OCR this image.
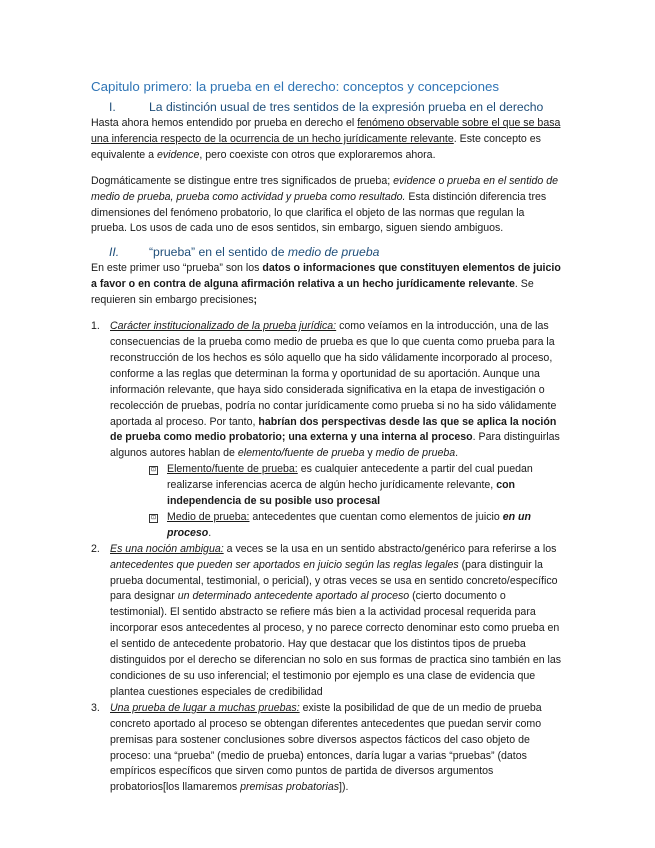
Capitulo primero: la prueba en el derecho: conceptos y concepciones
I.	La distinción usual de tres sentidos de la expresión prueba en el derecho

Hasta ahora hemos entendido por prueba en derecho el fenómeno observable sobre el que se basa una inferencia respecto de la ocurrencia de un hecho jurídicamente relevante. Este concepto es equivalente a evidence, pero coexiste con otros que exploraremos ahora.

Dogmáticamente se distingue entre tres significados de prueba; evidence o prueba en el sentido de medio de prueba, prueba como actividad y prueba como resultado. Esta distinción diferencia tres dimensiones del fenómeno probatorio, lo que clarifica el objeto de las normas que regulan la prueba. Los usos de cada uno de esos sentidos, sin embargo, siguen siendo ambiguos.

II.	“prueba” en el sentido de medio de prueba

En este primer uso “prueba” son los datos o informaciones que constituyen elementos de juicio a favor o en contra de alguna afirmación relativa a un hecho jurídicamente relevante. Se requieren sin embargo precisiones;

1. Carácter institucionalizado de la prueba jurídica: como veíamos en la introducción, una de las consecuencias de la prueba como medio de prueba es que lo que cuenta como prueba para la reconstrucción de los hechos es sólo aquello que ha sido válidamente incorporado al proceso, conforme a las reglas que determinan la forma y oportunidad de su aportación. Aunque una información relevante, que haya sido considerada significativa en la etapa de investigación o recolección de pruebas, podría no contar jurídicamente como prueba si no ha sido válidamente aportada al proceso. Por tanto, habrían dos perspectivas desde las que se aplica la noción de prueba como medio probatorio; una externa y una interna al proceso. Para distinguirlas algunos autores hablan de elemento/fuente de prueba y medio de prueba.
⊡ Elemento/fuente de prueba: es cualquier antecedente a partir del cual puedan realizarse inferencias acerca de algún hecho jurídicamente relevante, con independencia de su posible uso procesal
⊡ Medio de prueba: antecedentes que cuentan como elementos de juicio en un proceso.
2. Es una noción ambigua: a veces se la usa en un sentido abstracto/genérico para referirse a los antecedentes que pueden ser aportados en juicio según las reglas legales (para distinguir la prueba documental, testimonial, o pericial), y otras veces se usa en sentido concreto/específico para designar un determinado antecedente aportado al proceso (cierto documento o testimonial). El sentido abstracto se refiere más bien a la actividad procesal requerida para incorporar esos antecedentes al proceso, y no parece correcto denominar esto como prueba en el sentido de antecedente probatorio. Hay que destacar que los distintos tipos de prueba distinguidos por el derecho se diferencian no solo en sus formas de practica sino también en las condiciones de su uso inferencial; el testimonio por ejemplo es una clase de evidencia que plantea cuestiones especiales de credibilidad
3. Una prueba de lugar a muchas pruebas: existe la posibilidad de que de un medio de prueba concreto aportado al proceso se obtengan diferentes antecedentes que puedan servir como premisas para sostener conclusiones sobre diversos aspectos fácticos del caso objeto de proceso: una “prueba” (medio de prueba) entonces, daría lugar a varias “pruebas” (datos empíricos específicos que sirven como puntos de partida de diversos argumentos probatorios[los llamaremos premisas probatorias]).
